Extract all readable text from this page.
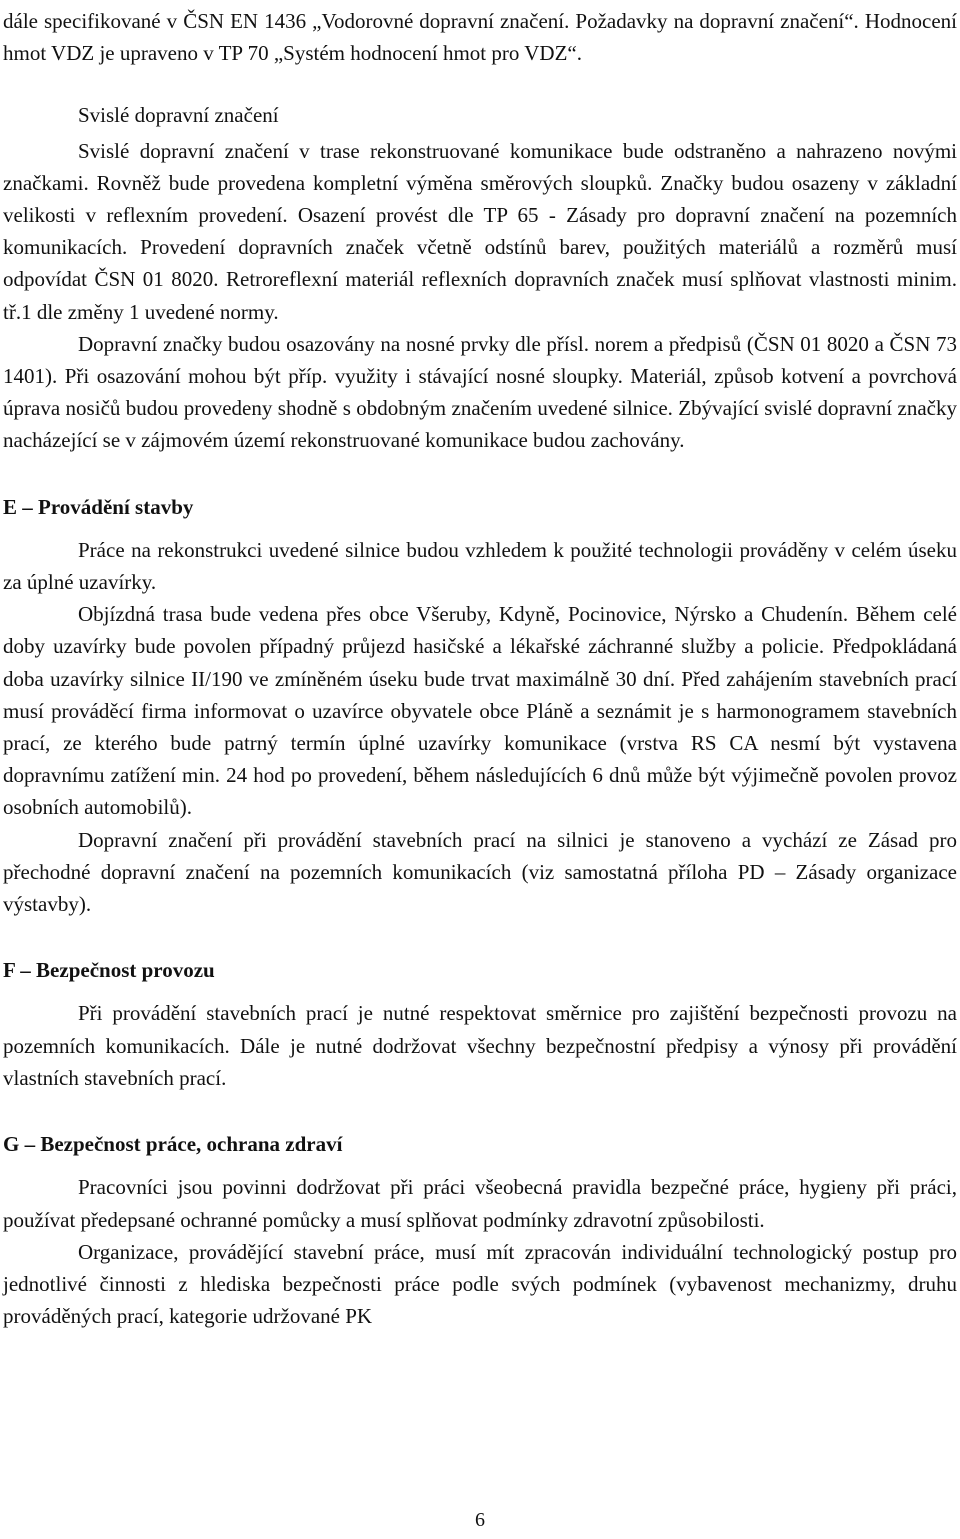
dále specifikované v ČSN EN 1436 „Vodorovné dopravní značení. Požadavky na dopravní značení“. Hodnocení hmot VDZ je upraveno v TP 70 „Systém hodnocení hmot pro VDZ“.

Svislé dopravní značení

Svislé dopravní značení v trase rekonstruované komunikace bude odstraněno a nahrazeno novými značkami. Rovněž bude provedena kompletní výměna směrových sloupků. Značky budou osazeny v základní velikosti v reflexním provedení. Osazení provést dle TP 65 - Zásady pro dopravní značení na pozemních komunikacích. Provedení dopravních značek včetně odstínů barev, použitých materiálů a rozměrů musí odpovídat ČSN 01 8020. Retroreflexní materiál reflexních dopravních značek musí splňovat vlastnosti minim. tř.1 dle změny 1 uvedené normy.

Dopravní značky budou osazovány na nosné prvky dle přísl. norem a předpisů (ČSN 01 8020 a ČSN 73 1401). Při osazování mohou být příp. využity i stávající nosné sloupky. Materiál, způsob kotvení a povrchová úprava nosičů budou provedeny shodně s obdobným značením uvedené silnice. Zbývající svislé dopravní značky nacházející se v zájmovém území rekonstruované komunikace budou zachovány.

E – Provádění stavby

Práce na rekonstrukci uvedené silnice budou vzhledem k použité technologii prováděny v celém úseku za úplné uzavírky.

Objízdná trasa bude vedena přes obce Všeruby, Kdyně, Pocinovice, Nýrsko a Chudenín. Během celé doby uzavírky bude povolen případný průjezd hasičské a lékařské záchranné služby a policie. Předpokládaná doba uzavírky silnice II/190 ve zmíněném úseku bude trvat maximálně 30 dní. Před zahájením stavebních prací musí prováděcí firma informovat o uzavírce obyvatele obce Pláně a seznámit je s harmonogramem stavebních prací, ze kterého bude patrný termín úplné uzavírky komunikace (vrstva RS CA nesmí být vystavena dopravnímu zatížení min. 24 hod po provedení, během následujících 6 dnů může být výjimečně povolen provoz osobních automobilů).

Dopravní značení při provádění stavebních prací na silnici je stanoveno a vychází ze Zásad pro přechodné dopravní značení na pozemních komunikacích (viz samostatná příloha PD – Zásady organizace výstavby).

F – Bezpečnost provozu

Při provádění stavebních prací je nutné respektovat směrnice pro zajištění bezpečnosti provozu na pozemních komunikacích. Dále je nutné dodržovat všechny bezpečnostní předpisy a výnosy při provádění vlastních stavebních prací.

G – Bezpečnost práce, ochrana zdraví

Pracovníci jsou povinni dodržovat při práci všeobecná pravidla bezpečné práce, hygieny při práci, používat předepsané ochranné pomůcky a musí splňovat podmínky zdravotní způsobilosti.

Organizace, provádějící stavební práce, musí mít zpracován individuální technologický postup pro jednotlivé činnosti z hlediska bezpečnosti práce podle svých podmínek (vybavenost mechanizmy, druhu prováděných prací, kategorie udržované PK

6
